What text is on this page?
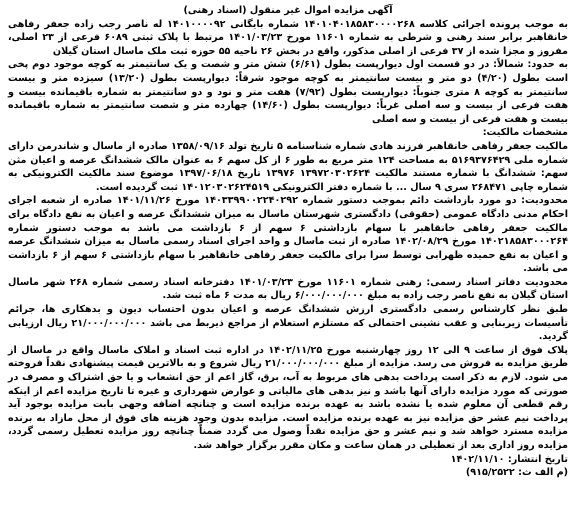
آگهی مزایده اموال غیر منقول (اسناد رهنی)

به موجب پرونده اجرائی کلاسه ۱۴۰۱۰۴۰۱۸۵۸۳۰۰۰۰۲۶۸ شماره بایگانی ۱۴۰۱۰۰۰۰۹۲ له ناصر رجب زاده جعفر رفاهی خانقاهبر برابر سند رهنی و شرطی به شماره ۱۱۶۰۱ مورخ ۱۴۰۱/۰۳/۲۳ مرتبط با پلاک ثبتی ۶۰۸۹ فرعی از ۲۳ اصلی، مفروز و مجزا شده از ۳۷ فرعی از اصلی مذکور، واقع در بخش ۲۶ ناحیه ۵۵ حوزه ثبت ملک ماسال استان گیلان

به حدود: شمالاً: در دو قسمت اول دیوارپست بطول (۶/۶۱) شش متر و شصت و یک سانتیمتر به کوچه موجود دوم پخی است بطول (۴/۲۰) دو متر و بیست سانتیمتر به کوچه موجود شرقاً: دیوارپست بطول (۱۳/۲۰) سیزده متر و بیست سانتیمتر به کوچه ۸ متری جنوباً: دیوارپست بطول (۷/۹۲) هفت متر و نود و دو سانتیمتر به شماره باقیمانده بیست و هفت فرعی از بیست و سه اصلی غرباً: دیوارپست بطول (۱۴/۶۰) چهارده متر و شصت سانتیمتر به شماره باقیمانده بیست و هفت فرعی از بیست و سه اصلی

مشخصات مالکیت:

مالکیت جعفر رفاهی خانقاهبر فرزند هادی شماره شناسنامه ۵ تاریخ تولد ۱۳۵۸/۰۹/۱۶ صادره از ماسال و شاندرمن دارای شماره ملی ۵۱۶۹۳۷۶۴۲۹ به مساحت ۱۲۴ متر مربع به طور ۶ از کل سهم ۶ به عنوان مالک ششدانگ عرصه و اعیان مثن سهم: ششدانگ با شماره مستند مالکیت ۱۳۹۷۲۰۳۰۲۶۲۴ ۱۳۹۷۶ تاریخ ۱۳۹۷/۰۶/۱۸ موضوع سند مالکیت الکترونیکی به شماره چاپی ۲۶۸۴۷۱ سری ۹ سال ... با شماره دفتر الکترونیکی ۱۴۰۱۲۰۳۰۲۶۲۴۵۱۹ ثبت گردیده است.

محدودیت: دو مورد بازداشت دائم بموجب دستور شماره ۱۴۰۳۳۹۹۰۰۲۲۴۰۲۹۲ مورخ ۱۴۰۱/۱۱/۲۶ صادره از شعبه اجرای احکام مدنی دادگاه عمومی (حقوقی) دادگستری شهرستان ماسال به میزان ششدانگ عرصه و اعیان به نفع دادگاه برای مالکیت جعفر رفاهی خانقاهبر با سهام بازداشتی ۶ سهم از ۶ بازداشت می باشد به موجب دستور شماره ۱۴۰۲۱۸۵۸۳۰۰۰۲۶۴ مورخ ۱۴۰۲/۰۸/۲۹ صادره از ثبت ماسال و واحد اجرای اسناد رسمی ماسال به میزان ششدانگ عرصه و اعیان به نفع حمیده ظهرابی توسط سرا برای مالکیت جعفر رفاهی خانقاهبر با سهام بازداشتی ۶ سهم از ۶ بازداشت می باشد.

محدودیت دفاتر اسناد رسمی: رهنی شماره ۱۱۶۰۱ مورخ ۱۴۰۱/۰۳/۲۳ دفترخانه اسناد رسمی شماره ۲۶۸ شهر ماسال استان گیلان به نفع ناصر رجب زاده به مبلغ ۶/۰۰۰/۰۰۰/۰۰۰ ریال به مدت ۶ ماه ثبت شد.

طبق نظر کارشناس رسمی دادگستری ارزش ششدانگ عرصه و اعیان بدون احتساب دیون و بدهکاری ها، جرائم تأسیسات زیربنایی و عقب نشینی احتمالی که مستلزم استعلام از مراجع ذیربط می باشد ۲۱/۰۰۰/۰۰۰/۰۰۰ ریال ارزیابی گردید.

پلاک فوق از ساعت ۹ الی ۱۲ روز چهارشنبه مورخ ۱۴۰۲/۱۱/۲۵ در اداره ثبت اسناد و املاک ماسال واقع در ماسال از طریق مزایده به فروش می رسد. مزایده از مبلغ ۲۱/۰۰۰/۰۰۰/۰۰۰ ریال شروع و به بالاترین قیمت پیشنهادی نقداً فروخته می شود. لازم به ذکر است پرداخت بدهی های مربوط به آب، برق، گاز اعم از حق انشعاب و یا حق اشتراک و مصرف در صورتی که مورد مزایده دارای آنها باشد و نیز بدهی های مالیاتی و عوارض شهرداری و غیره تا تاریخ مزایده اعم از اینکه رقم قطعی آن معلوم شده یا نشده باشد به عهده برنده مزایده است و چنانچه اضافه وجهی بابت مزایده بوجود آید پرداخت نیم عشر حق مزایده نیز به عهده برنده مزایده است. مزایده بدون وجود هزینه های فوق از محل مازاد به برنده مزایده مسترد خواهد شد و نیم عشر و حق مزایده نقداً وصول می گردد ضمناً چنانچه روز مزایده تعطیل رسمی گردد، مزایده روز اداری بعد از تعطیلی در همان ساعت و مکان مقرر برگزار خواهد شد.

تاریخ انتشار: ۱۴۰۲/۱۱/۱۰

(م الف ث: ۹۱۵/۲۵۲۲)
